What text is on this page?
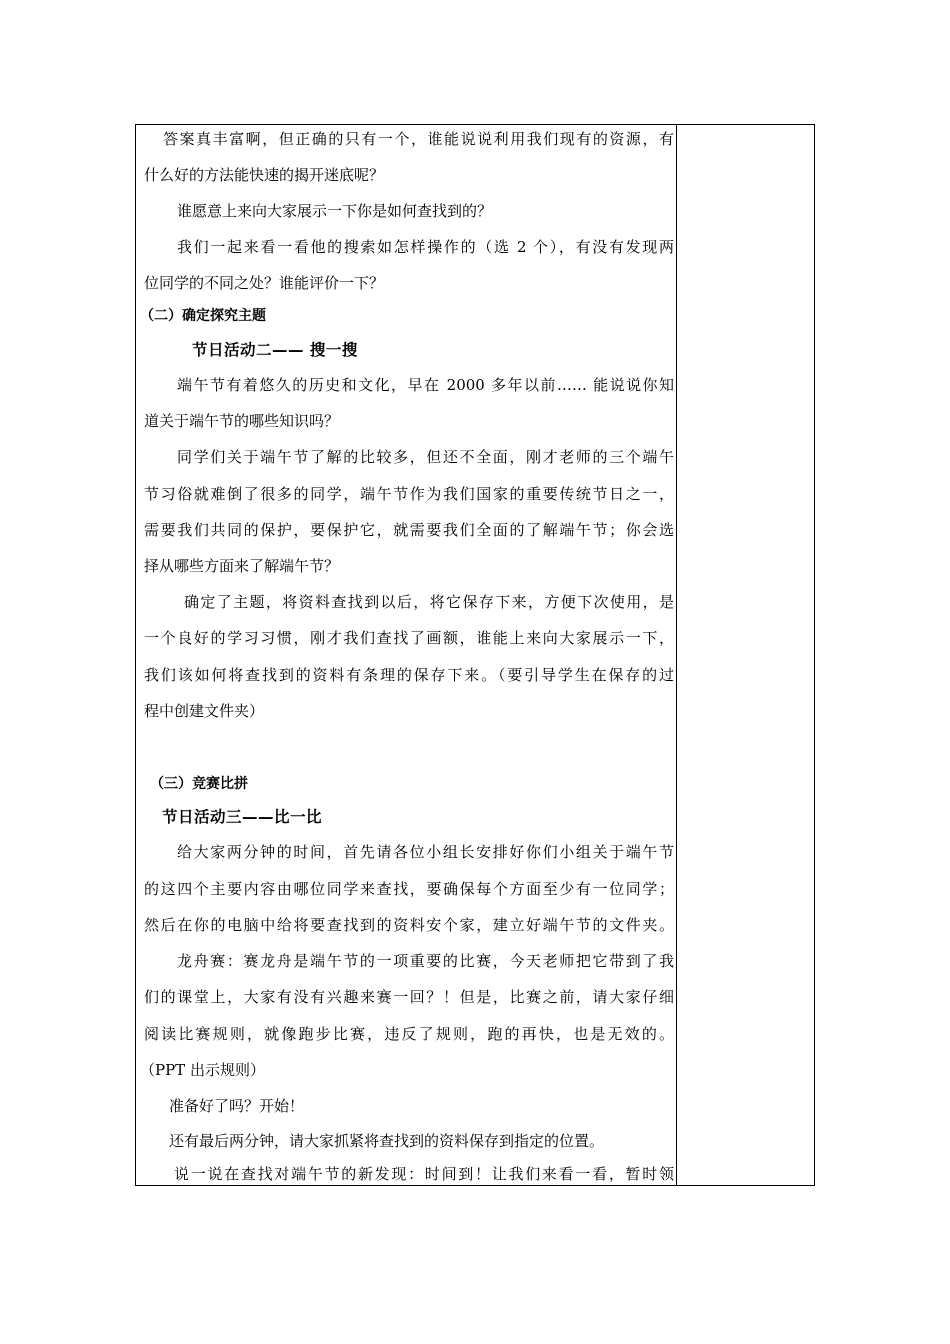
答案真丰富啊，但正确的只有一个，谁能说说利用我们现有的资源，有
什么好的方法能快速的揭开迷底呢？
谁愿意上来向大家展示一下你是如何查找到的？
我们一起来看一看他的搜索如怎样操作的（选 2 个），有没有发现两
位同学的不同之处？谁能评价一下？
（二）确定探究主题
节日活动二—— 搜一搜
端午节有着悠久的历史和文化，早在 2000 多年以前…… 能说说你知
道关于端午节的哪些知识吗？
同学们关于端午节了解的比较多，但还不全面，刚才老师的三个端午
节习俗就难倒了很多的同学，端午节作为我们国家的重要传统节日之一，
需要我们共同的保护，要保护它，就需要我们全面的了解端午节；你会选
择从哪些方面来了解端午节？
确定了主题，将资料查找到以后，将它保存下来，方便下次使用，是
一个良好的学习习惯，刚才我们查找了画额，谁能上来向大家展示一下，
我们该如何将查找到的资料有条理的保存下来。（要引导学生在保存的过
程中创建文件夹）
（三）竞赛比拼
节日活动三——比一比
给大家两分钟的时间，首先请各位小组长安排好你们小组关于端午节
的这四个主要内容由哪位同学来查找，要确保每个方面至少有一位同学；
然后在你的电脑中给将要查找到的资料安个家，建立好端午节的文件夹。
龙舟赛：赛龙舟是端午节的一项重要的比赛，今天老师把它带到了我
们的课堂上，大家有没有兴趣来赛一回？！但是，比赛之前，请大家仔细
阅读比赛规则，就像跑步比赛，违反了规则，跑的再快，也是无效的。
（PPT 出示规则）
准备好了吗？开始！
还有最后两分钟，请大家抓紧将查找到的资料保存到指定的位置。
说一说在查找对端午节的新发现：时间到！让我们来看一看，暂时领
